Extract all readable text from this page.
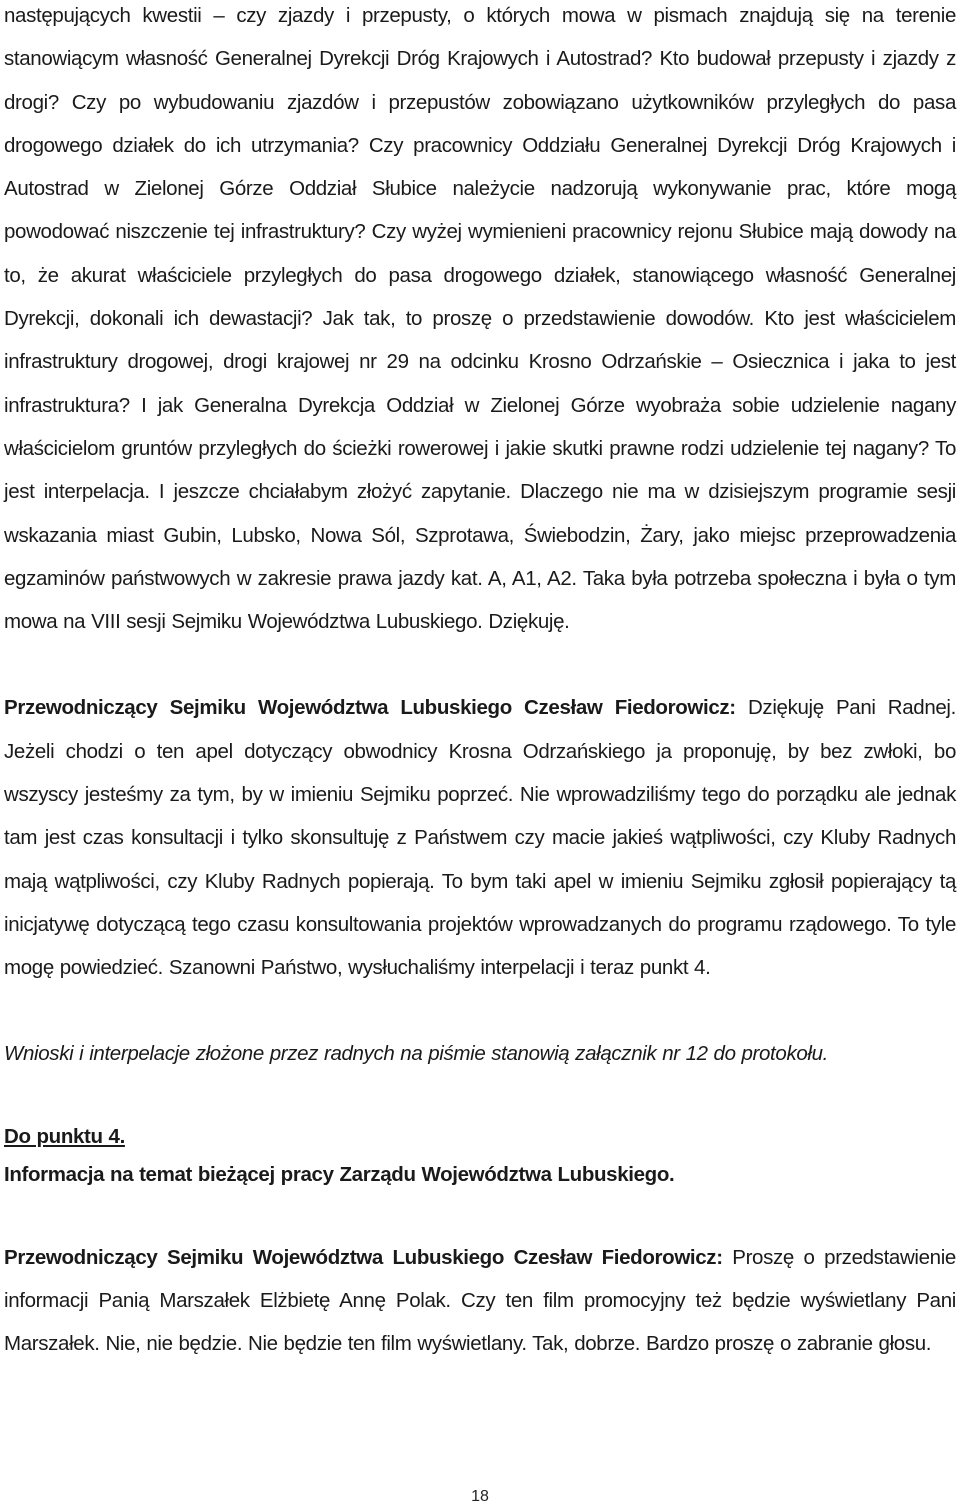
następujących kwestii – czy zjazdy i przepusty, o których mowa w pismach znajdują się na terenie stanowiącym własność Generalnej Dyrekcji Dróg Krajowych i Autostrad? Kto budował przepusty i zjazdy z drogi? Czy po wybudowaniu zjazdów i przepustów zobowiązano użytkowników przyległych do pasa drogowego działek do ich utrzymania? Czy pracownicy Oddziału Generalnej Dyrekcji Dróg Krajowych i Autostrad w Zielonej Górze Oddział Słubice należycie nadzorują wykonywanie prac, które mogą powodować niszczenie tej infrastruktury? Czy wyżej wymienieni pracownicy rejonu Słubice mają dowody na to, że akurat właściciele przyległych do pasa drogowego działek, stanowiącego własność Generalnej Dyrekcji, dokonali ich dewastacji? Jak tak, to proszę o przedstawienie dowodów. Kto jest właścicielem infrastruktury drogowej, drogi krajowej nr 29 na odcinku Krosno Odrzańskie – Osiecznica i jaka to jest infrastruktura? I jak Generalna Dyrekcja Oddział w Zielonej Górze wyobraża sobie udzielenie nagany właścicielom gruntów przyległych do ścieżki rowerowej i jakie skutki prawne rodzi udzielenie tej nagany? To jest interpelacja. I jeszcze chciałabym złożyć zapytanie. Dlaczego nie ma w dzisiejszym programie sesji wskazania miast Gubin, Lubsko, Nowa Sól, Szprotawa, Świebodzin, Żary, jako miejsc przeprowadzenia egzaminów państwowych w zakresie prawa jazdy kat. A, A1, A2. Taka była potrzeba społeczna i była o tym mowa na VIII sesji Sejmiku Województwa Lubuskiego. Dziękuję.

Przewodniczący Sejmiku Województwa Lubuskiego Czesław Fiedorowicz: Dziękuję Pani Radnej. Jeżeli chodzi o ten apel dotyczący obwodnicy Krosna Odrzańskiego ja proponuję, by bez zwłoki, bo wszyscy jesteśmy za tym, by w imieniu Sejmiku poprzeć. Nie wprowadziliśmy tego do porządku ale jednak tam jest czas konsultacji i tylko skonsultuję z Państwem czy macie jakieś wątpliwości, czy Kluby Radnych mają wątpliwości, czy Kluby Radnych popierają. To bym taki apel w imieniu Sejmiku zgłosił popierający tą inicjatywę dotyczącą tego czasu konsultowania projektów wprowadzanych do programu rządowego. To tyle mogę powiedzieć. Szanowni Państwo, wysłuchaliśmy interpelacji i teraz punkt 4.

Wnioski i interpelacje złożone przez radnych na piśmie stanowią załącznik nr 12 do protokołu.

Do punktu 4.
Informacja na temat bieżącej pracy Zarządu Województwa Lubuskiego.

Przewodniczący Sejmiku Województwa Lubuskiego Czesław Fiedorowicz: Proszę o przedstawienie informacji Panią Marszałek Elżbietę Annę Polak. Czy ten film promocyjny też będzie wyświetlany Pani Marszałek. Nie, nie będzie. Nie będzie ten film wyświetlany. Tak, dobrze. Bardzo proszę o zabranie głosu.

18
